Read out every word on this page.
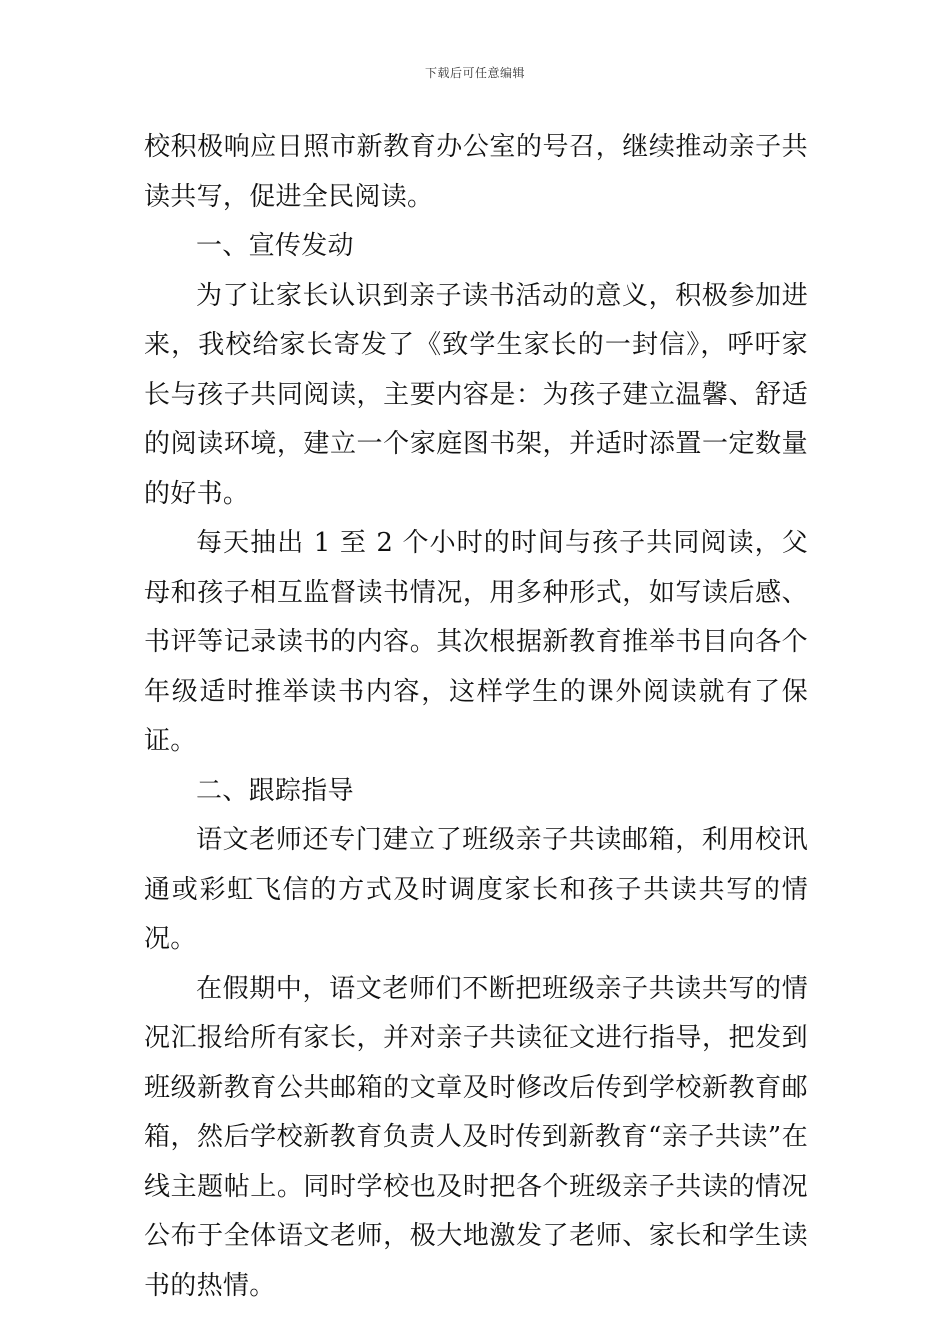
下载后可任意编辑

校积极响应日照市新教育办公室的号召，继续推动亲子共读共写，促进全民阅读。

一、宣传发动

为了让家长认识到亲子读书活动的意义，积极参加进来，我校给家长寄发了《致学生家长的一封信》，呼吁家长与孩子共同阅读，主要内容是：为孩子建立温馨、舒适的阅读环境，建立一个家庭图书架，并适时添置一定数量的好书。

每天抽出 1 至 2 个小时的时间与孩子共同阅读，父母和孩子相互监督读书情况，用多种形式，如写读后感、书评等记录读书的内容。其次根据新教育推举书目向各个年级适时推举读书内容，这样学生的课外阅读就有了保证。

二、跟踪指导

语文老师还专门建立了班级亲子共读邮箱，利用校讯通或彩虹飞信的方式及时调度家长和孩子共读共写的情况。

在假期中，语文老师们不断把班级亲子共读共写的情况汇报给所有家长，并对亲子共读征文进行指导，把发到班级新教育公共邮箱的文章及时修改后传到学校新教育邮箱，然后学校新教育负责人及时传到新教育“亲子共读”在线主题帖上。同时学校也及时把各个班级亲子共读的情况公布于全体语文老师，极大地激发了老师、家长和学生读书的热情。
